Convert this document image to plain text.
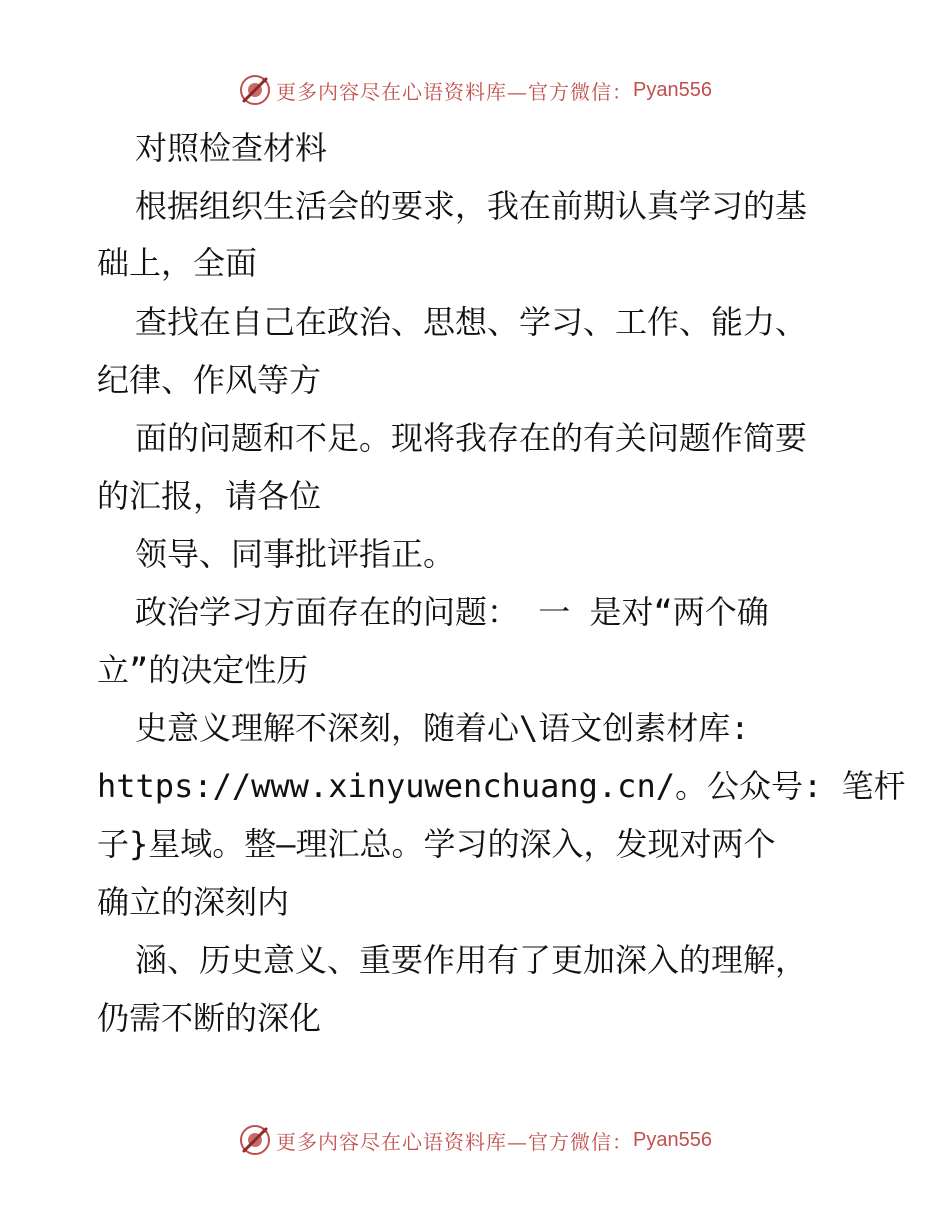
更多内容尽在心语资料库—官方微信： Pyan556
对照检查材料
根据组织生活会的要求，我在前期认真学习的基
础上，全面
查找在自己在政治、思想、学习、工作、能力、
纪律、作风等方
面的问题和不足。现将我存在的有关问题作简要
的汇报，请各位
领导、同事批评指正。
政治学习方面存在的问题： 一 是对“两个确
立”的决定性历
史意义理解不深刻，随着心\语文创素材库:
https://www.xinyuwenchuang.cn/。公众号: 笔杆
子}星域。整—理汇总。学习的深入，发现对两个
确立的深刻内
涵、历史意义、重要作用有了更加深入的理解，
仍需不断的深化
更多内容尽在心语资料库—官方微信： Pyan556
